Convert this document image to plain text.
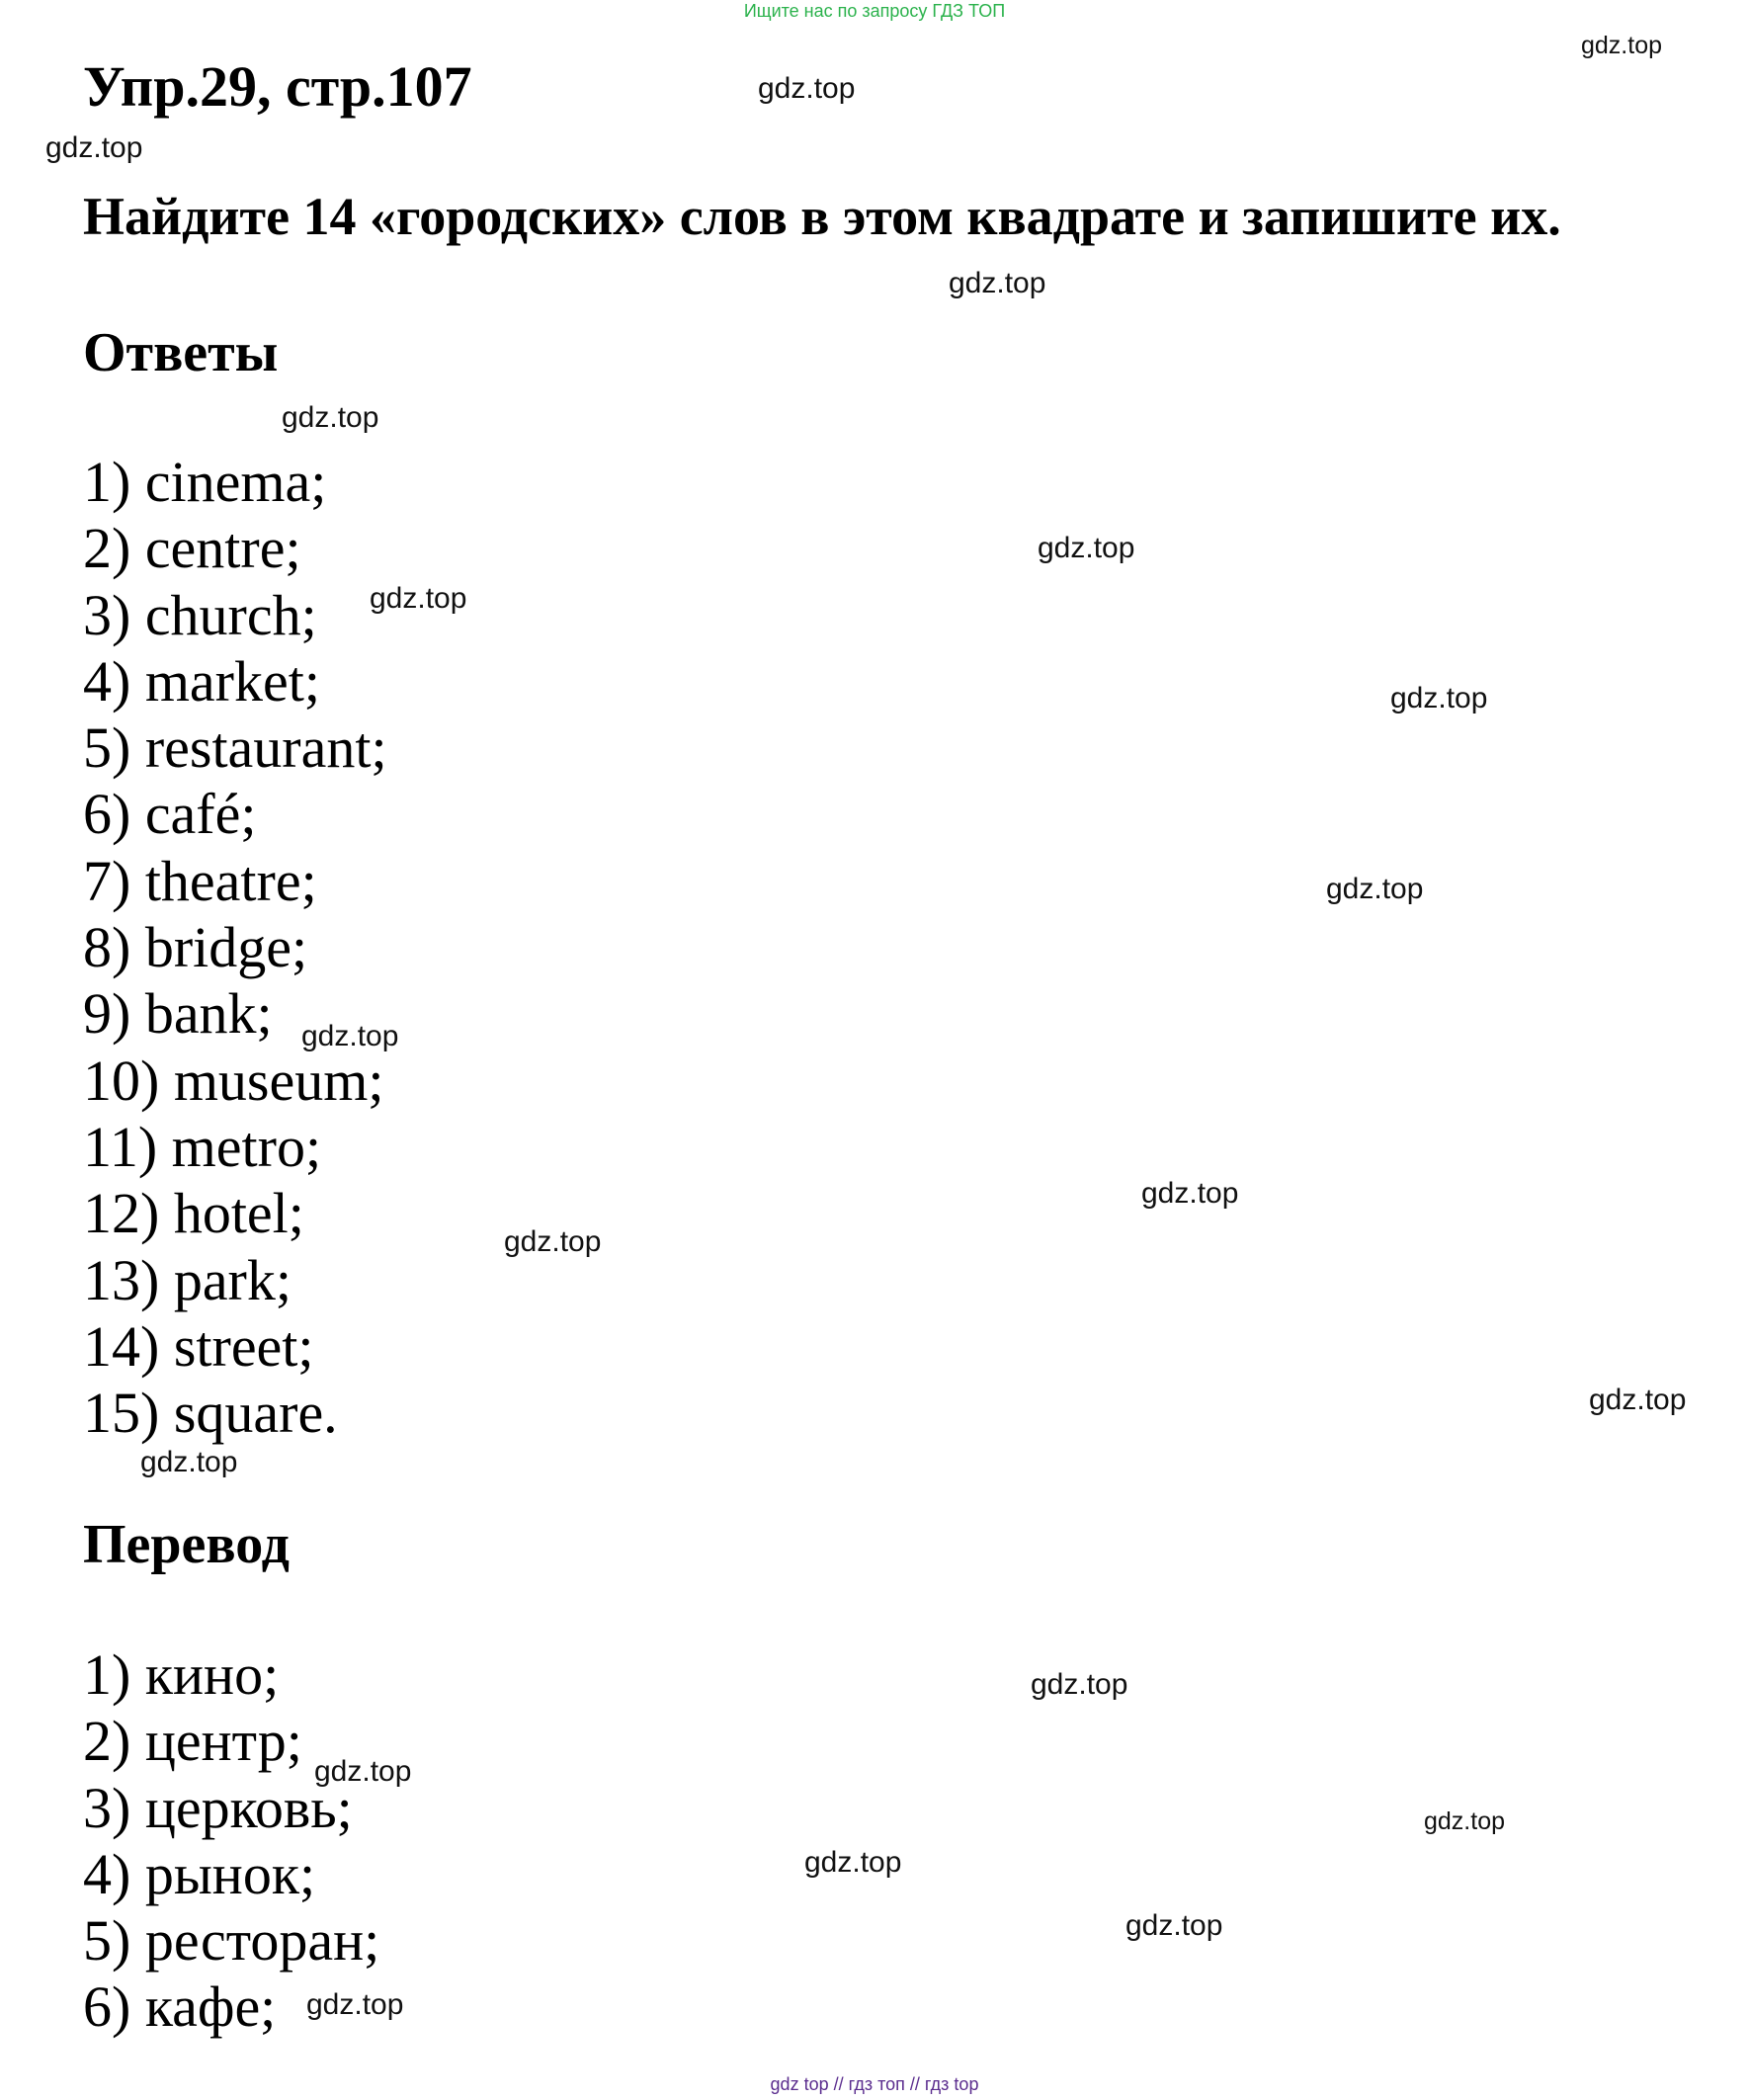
Ищите нас по запросу ГДЗ ТОП
Упр.29, стр.107
Найдите 14 «городских» слов в этом квадрате и запишите их.
Ответы
1) cinema;
2) centre;
3) church;
4) market;
5) restaurant;
6) café;
7) theatre;
8) bridge;
9) bank;
10) museum;
11) metro;
12) hotel;
13) park;
14) street;
15) square.
Перевод
1) кино;
2) центр;
3) церковь;
4) рынок;
5) ресторан;
6) кафе;
gdz.top
gdz.top
gdz.top
gdz.top
gdz.top
gdz.top
gdz.top
gdz.top
gdz.top
gdz.top
gdz.top
gdz.top
gdz.top
gdz.top
gdz.top
gdz.top
gdz.top
gdz.top
gdz.top
gdz.top
gdz top // гдз топ // гдз top
